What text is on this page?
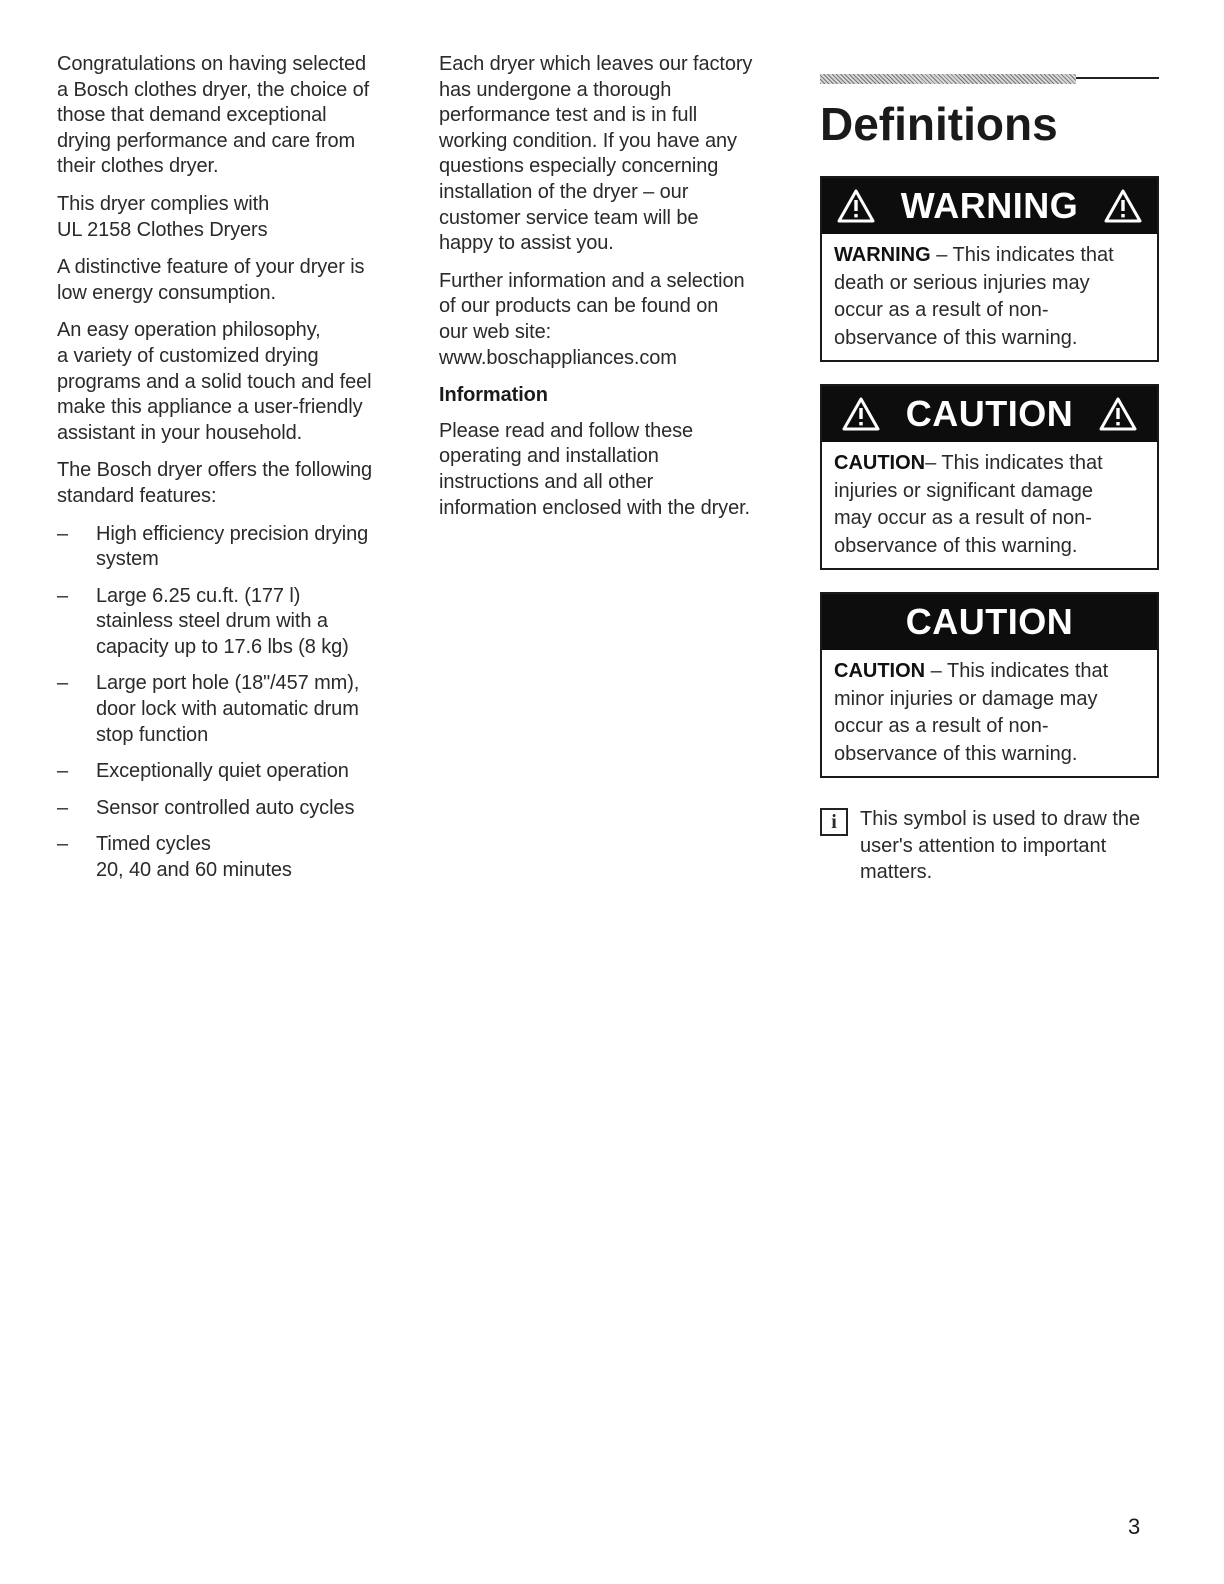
Congratulations on having selected
a Bosch clothes dryer, the choice of
those that demand exceptional
drying performance and care from
their clothes dryer.

This dryer complies with
UL 2158 Clothes Dryers

A distinctive feature of your dryer is
low energy consumption.

An easy operation philosophy,
a variety of customized drying
programs and a solid touch and feel
make this appliance a user-friendly
assistant in your household.

The Bosch dryer offers the following
standard features:

– High efficiency precision drying
system
– Large 6.25 cu.ft. (177 l)
stainless steel drum with a
capacity up to 17.6 lbs (8 kg)
– Large port hole (18"/457 mm),
door lock with automatic drum
stop function
– Exceptionally quiet operation
– Sensor controlled auto cycles
– Timed cycles
20, 40 and 60 minutes

Each dryer which leaves our factory
has undergone a thorough
performance test and is in full
working condition. If you have any
questions especially concerning
installation of the dryer – our
customer service team will be
happy to assist you.

Further information and a selection
of our products can be found on
our web site:
www.boschappliances.com

Information

Please read and follow these
operating and installation
instructions and all other
information enclosed with the dryer.

Definitions
WARNING
WARNING – This indicates that
death or serious injuries may
occur as a result of non-
observance of this warning.
CAUTION
CAUTION– This indicates that
injuries or significant damage
may occur as a result of non-
observance of this warning.
CAUTION
CAUTION – This indicates that
minor injuries or damage may
occur as a result of non-
observance of this warning.
i	This symbol is used to draw the
user's attention to important
matters.
3
